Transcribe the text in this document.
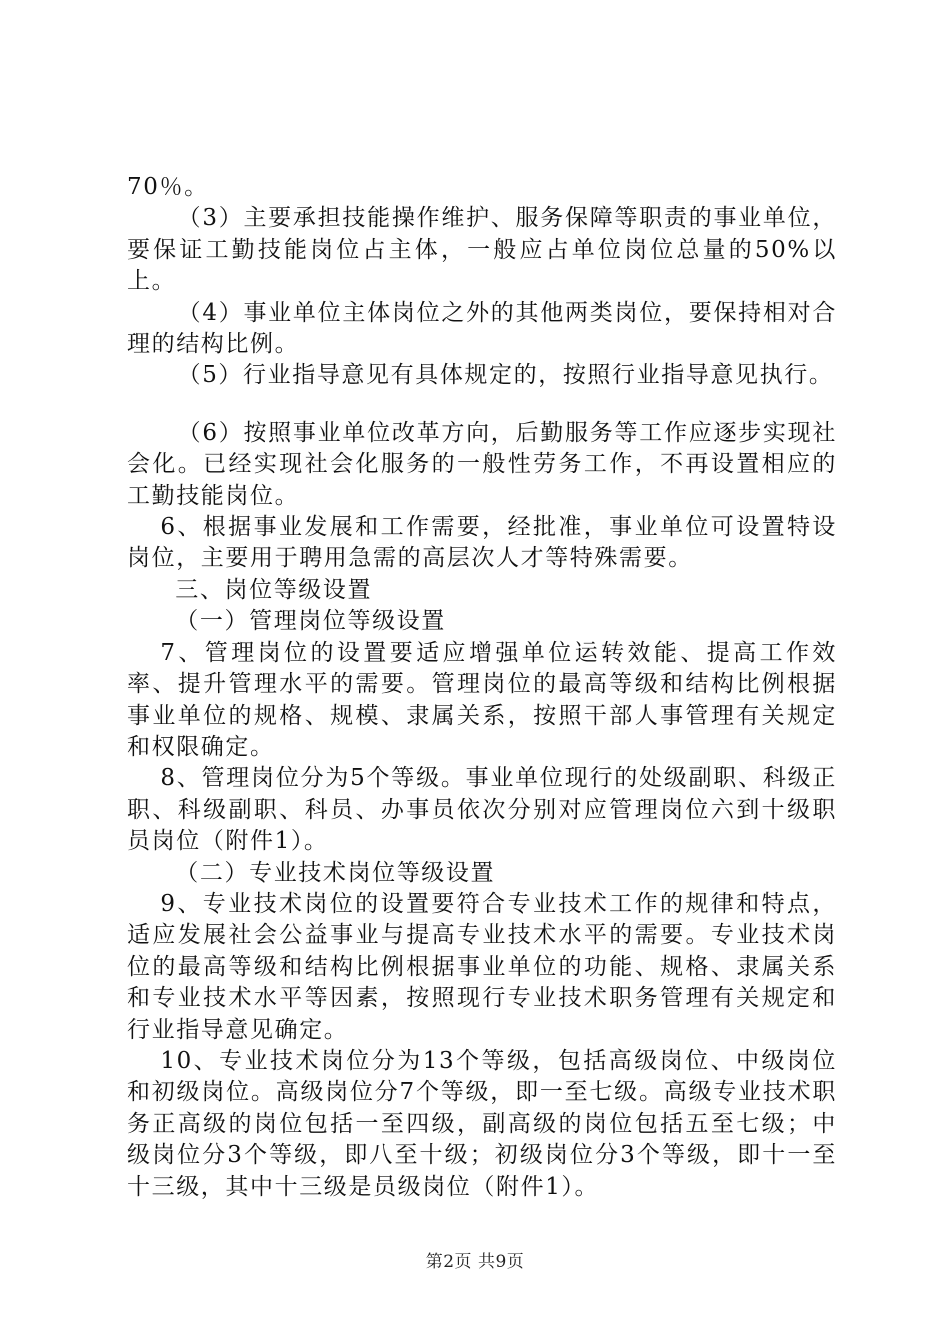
70％。

（3）主要承担技能操作维护、服务保障等职责的事业单位，要保证工勤技能岗位占主体，一般应占单位岗位总量的50%以上。

（4）事业单位主体岗位之外的其他两类岗位，要保持相对合理的结构比例。

（5）行业指导意见有具体规定的，按照行业指导意见执行。

（6）按照事业单位改革方向，后勤服务等工作应逐步实现社会化。已经实现社会化服务的一般性劳务工作，不再设置相应的工勤技能岗位。

6、根据事业发展和工作需要，经批准，事业单位可设置特设岗位，主要用于聘用急需的高层次人才等特殊需要。

三、岗位等级设置

（一）管理岗位等级设置

7、管理岗位的设置要适应增强单位运转效能、提高工作效率、提升管理水平的需要。管理岗位的最高等级和结构比例根据事业单位的规格、规模、隶属关系，按照干部人事管理有关规定和权限确定。

8、管理岗位分为5个等级。事业单位现行的处级副职、科级正职、科级副职、科员、办事员依次分别对应管理岗位六到十级职员岗位（附件1）。

（二）专业技术岗位等级设置

9、专业技术岗位的设置要符合专业技术工作的规律和特点，适应发展社会公益事业与提高专业技术水平的需要。专业技术岗位的最高等级和结构比例根据事业单位的功能、规格、隶属关系和专业技术水平等因素，按照现行专业技术职务管理有关规定和行业指导意见确定。

10、专业技术岗位分为13个等级，包括高级岗位、中级岗位和初级岗位。高级岗位分7个等级，即一至七级。高级专业技术职务正高级的岗位包括一至四级，副高级的岗位包括五至七级；中级岗位分3个等级，即八至十级；初级岗位分3个等级，即十一至十三级，其中十三级是员级岗位（附件1）。

第2页 共9页
